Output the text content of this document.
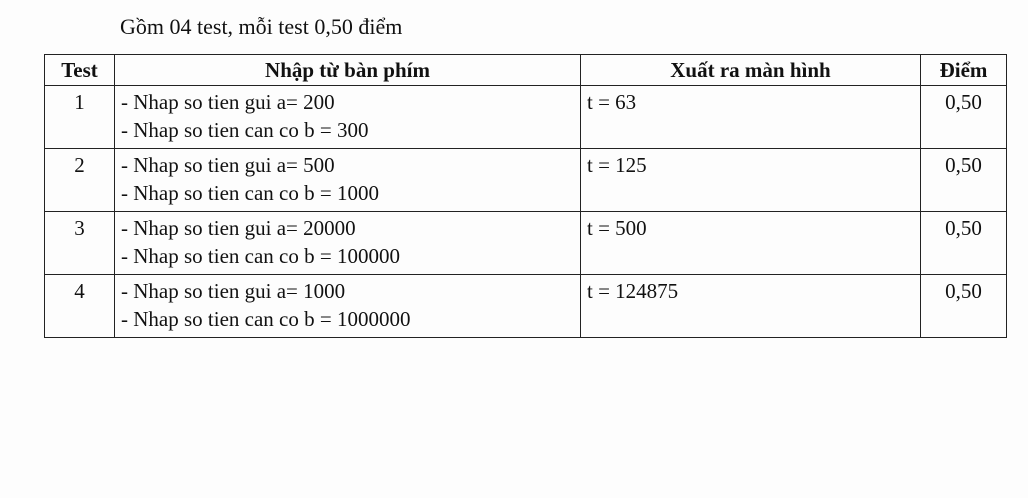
Gồm 04 test, mỗi test 0,50 điểm
Test	Nhập từ bàn phím	Xuất ra màn hình	Điểm
1	- Nhap so tien gui a= 200
- Nhap so tien can co b = 300	t = 63	0,50
2	- Nhap so tien gui a= 500
- Nhap so tien can co b = 1000	t = 125	0,50
3	- Nhap so tien gui a= 20000
- Nhap so tien can co b = 100000	t = 500	0,50
4	- Nhap so tien gui a= 1000
- Nhap so tien can co b = 1000000	t = 124875	0,50
